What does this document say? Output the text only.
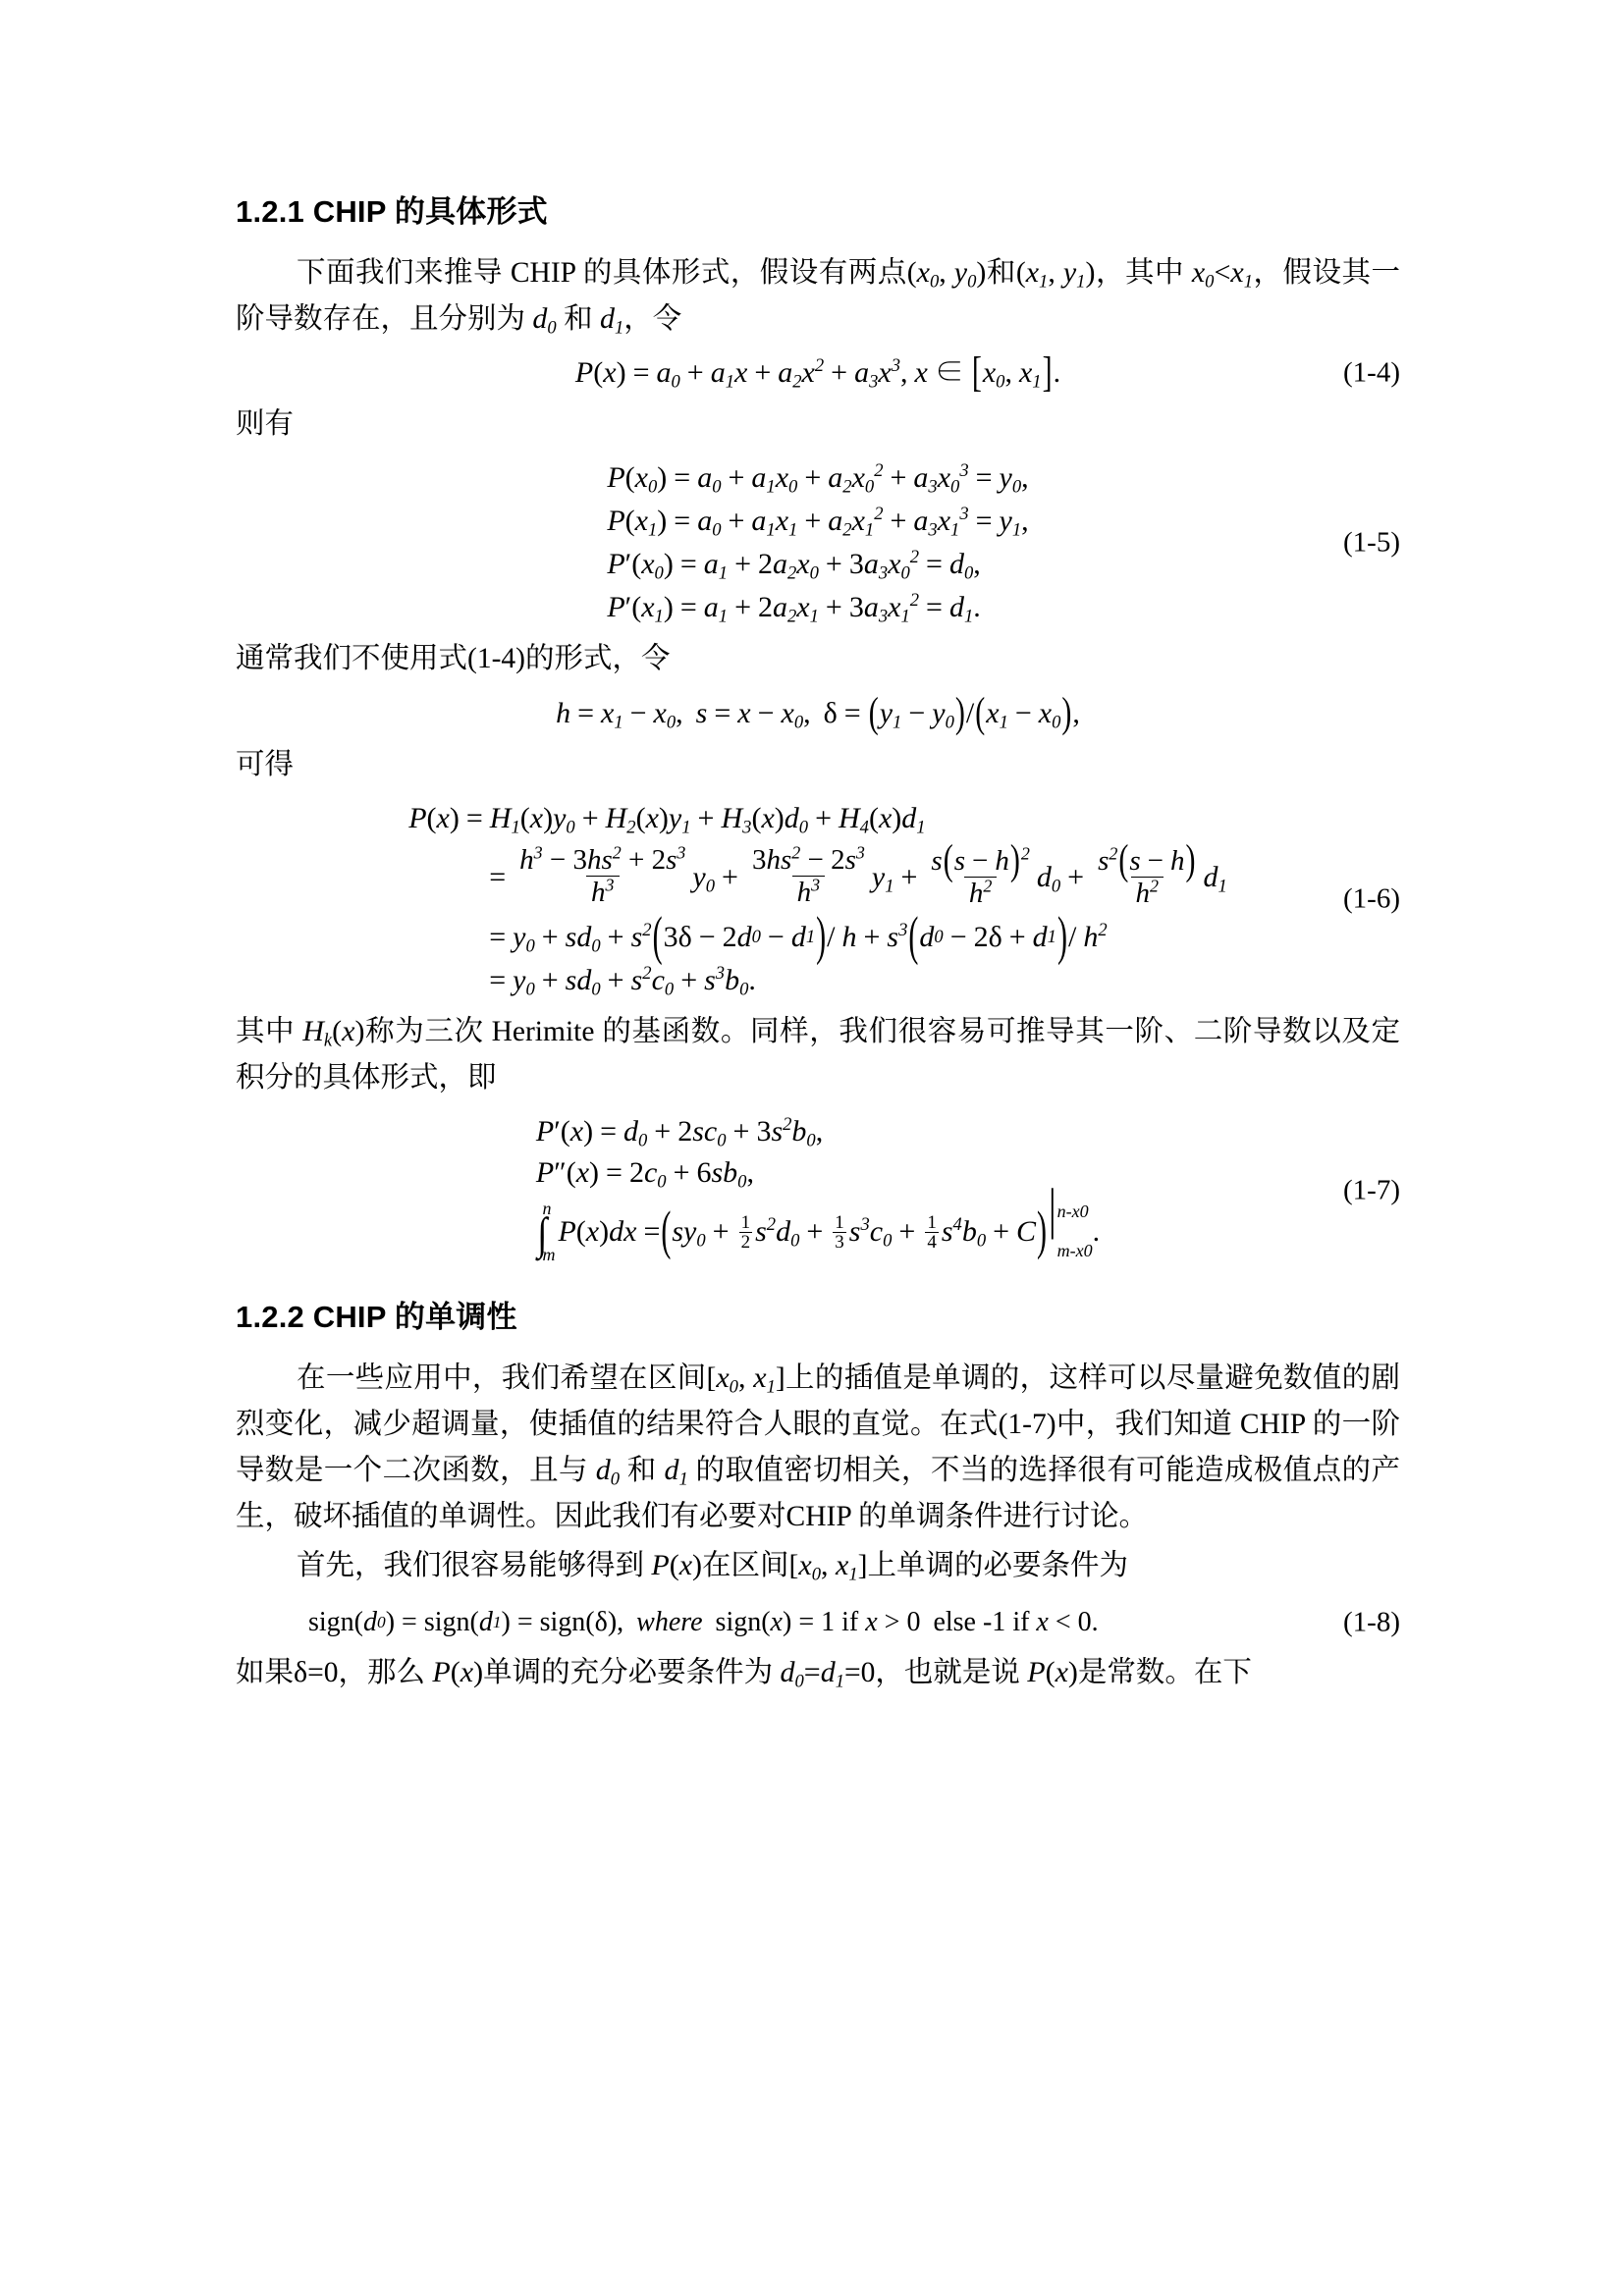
1.2.1 CHIP 的具体形式

下面我们来推导 CHIP 的具体形式，假设有两点($x_0$, $y_0$)和($x_1$, $y_1$)，其中 $x_0<x_1$，假设其一阶导数存在，且分别为 $d_0$ 和 $d_1$，令

$P(x) = a_0 + a_1x + a_2x^2 + a_3x^3$ , x ∈ [ $x_0$ , $x_1$ ] .	(1-4)

则有

$P(x_0) = a_0 + a_1x_0 + a_2x_0^2 + a_3x_0^3 = y_0$ ,
$P(x_1) = a_0 + a_1x_1 + a_2x_1^2 + a_3x_1^3 = y_1$ ,
$P'(x_0) = a_1 + 2a_2x_0 + 3a_3x_0^2 = d_0$ ,
$P'(x_1) = a_1 + 2a_2x_1 + 3a_3x_1^2 = d_1$ .
(1-5)

通常我们不使用式(1-4)的形式，令

$h = x_1 - x_0$ , $s = x - x_0$ , δ = ( $y_1 - y_0$ ) / ( $x_1 - x_0$ ) ,

可得

$P(x) = H_1(x)y_0 + H_2(x)y_1 + H_3(x)d_0 + H_4(x)d_1$
= $\frac{h^3 - 3hs^2 + 2s^3}{h^3} y_0 + \frac{3hs^2 - 2s^3}{h^3} y_1 + \frac{s(s - h)^2}{h^2} d_0 + \frac{s^2(s - h)}{h^2} d_1$
= $y_0 + sd_0 + s^2$ ( 3 δ − 2 d 0 − d 1 ) / $h + s^3$ ( d 0 − 2 δ + d 1 ) / $h^2$
= $y_0 + sd_0 + s^2c_0 + s^3b_0$ .
(1-6)

其中 $H_k(x)$称为三次 Herimite 的基函数。同样，我们很容易可推导其一阶、二阶导数以及定积分的具体形式，即

$P'(x) = d_0 + 2sc_0 + 3s^2b_0$ ,
$P''(x) = 2c_0 + 6sb_0$ ,
∫
n
m
P(x)dx = ( $sy_0 + \frac{1}{2} s^2d_0 + \frac{1}{3} s^3c_0 + \frac{1}{4} s^4b_0 + C$ ) | n-x0
m-x0
.
(1-7)
1.2.2 CHIP 的单调性

在一些应用中，我们希望在区间[$x_0$, $x_1$]上的插值是单调的，这样可以尽量避免数值的剧烈变化，减少超调量，使插值的结果符合人眼的直觉。在式(1-7)中，我们知道 CHIP 的一阶导数是一个二次函数，且与 $d_0$ 和 $d_1$ 的取值密切相关，不当的选择很有可能造成极值点的产生，破坏插值的单调性。因此我们有必要对CHIP 的单调条件进行讨论。

首先，我们很容易能够得到 P(x)在区间[$x_0$, $x_1$]上单调的必要条件为

sign( d 0 ) = sign( d 1 ) = sign( δ ), where sign( x ) = 1 if x > 0 else -1 if x < 0.	(1-8)

如果δ=0，那么 P(x)单调的充分必要条件为 $d_0=d_1=0$，也就是说 P(x)是常数。在下
